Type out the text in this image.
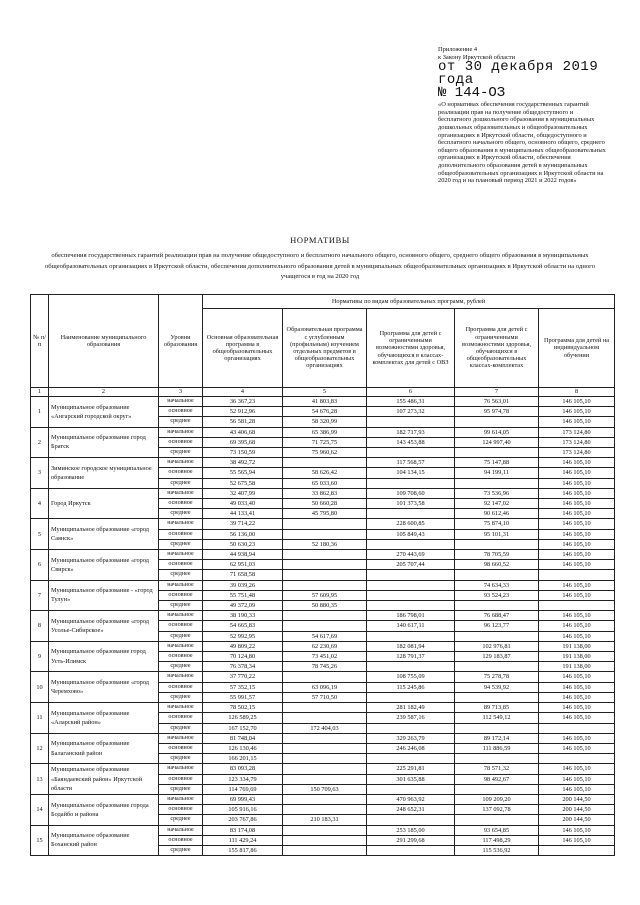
Приложение 4
к Закону Иркутской области
от 30 декабря 2019 года
№ 144-ОЗ
«О нормативах обеспечения государственных гарантий реализации прав на получение общедоступного и бесплатного дошкольного образования в муниципальных дошкольных образовательных и общеобразовательных организациях в Иркутской области, общедоступного и бесплатного начального общего, основного общего, среднего общего образования в муниципальных общеобразовательных организациях в Иркутской области, обеспечения дополнительного образования детей в муниципальных общеобразовательных организациях в Иркутской области на 2020 год и на плановый период 2021 и 2022 годов»
НОРМАТИВЫ
обеспечения государственных гарантий реализации прав на получение общедоступного и бесплатного начального общего, основного общего, среднего общего образования в муниципальных общеобразовательных организациях в Иркутской области, обеспечения дополнительного образования детей в муниципальных общеобразовательных организациях в Иркутской области на одного учащегося в год на 2020 год
№ п/п	Наименование муниципального образования	Уровни образования	Нормативы по видам образовательных программ, рублей				
			Основная образовательная программа в общеобразовательных организациях	Образовательная программа с углубленным (профильным) изучением отдельных предметов в общеобразовательных организациях	Программа для детей с ограниченными возможностями здоровья, обучающихся в классах-комплектах для детей с ОВЗ	Программа для детей с ограниченными возможностями здоровья, обучающихся в общеобразовательных классах-комплектах	Программа для детей на индивидуальном обучении
1	2	3	4	5	6	7	8
1	Муниципальное образование «Ангарский городской округ»	начальное	36 367,23	41 803,83	155 486,31	76 563,01	146 105,10
		основное	52 912,96	54 676,28	107 273,32	95 974,78	146 105,10
		среднее	56 581,28	58 320,99			146 105,10
2	Муниципальное образование город Братск	начальное	43 406,68	65 386,99	182 717,93	99 614,05	173 124,80
		основное	69 395,68	71 725,75	143 453,88	124 997,40	173 124,80
		среднее	73 150,59	75 960,62			173 124,80
3	Зиминское городское муниципальное образование	начальное	38 492,72		117 568,57	75 147,88	146 105,10
		основное	55 565,94	58 626,42	104 134,15	94 199,11	146 105,10
		среднее	52 675,58	65 033,60			146 105,10
4	Город Иркутск	начальное	32 407,99	33 862,83	109 708,60	73 536,96	146 105,10
		основное	49 033,40	50 660,28	101 373,58	92 147,02	146 105,10
		среднее	44 133,41	45 795,80		90 612,46	146 105,10
5	Муниципальное образование «город Саянск»	начальное	39 714,22		228 600,85	75 874,10	146 105,10
		основное	56 136,00		105 849,43	95 101,31	146 105,10
		среднее	50 630,23	52 180,36			146 105,10
6	Муниципальное образование «город Свирск»	начальное	44 938,94		270 443,69	78 705,59	146 105,10
		основное	62 951,03		205 707,44	98 660,52	146 105,10
		среднее	71 658,58				
7	Муниципальное образование - «город Тулун»	начальное	39 039,26			74 634,33	146 105,10
		основное	55 751,48	57 609,95		93 524,23	146 105,10
		среднее	49 372,09	50 880,35			
8	Муниципальное образование «город Усолье-Сибирское»	начальное	38 190,33		186 798,01	76 688,47	146 105,10
		основное	54 665,83		140 617,11	96 123,77	146 105,10
		среднее	52 992,95	54 617,69			146 105,10
9	Муниципальное образование город Усть-Илимск	начальное	49 809,22	62 230,69	182 081,94	102 976,81	191 138,00
		основное	70 124,80	73 451,02	128 791,37	129 183,87	191 138,00
		среднее	76 378,34	78 745,26			191 138,00
10	Муниципальное образование «город Черемхово»	начальное	37 770,22		108 755,09	75 278,78	146 105,10
		основное	57 352,15	63 096,19	115 245,86	94 539,92	146 105,10
		среднее	55 991,57	57 710,50			146 105,10
11	Муниципальное образование «Аларский район»	начальное	78 502,15		281 182,49	89 713,85	146 105,10
		основное	126 589,25		239 587,16	112 549,12	146 105,10
		среднее	167 152,70	172 404,03			
12	Муниципальное образование Балаганский район	начальное	81 748,04		329 263,79	89 172,14	146 105,10
		основное	126 130,46		246 246,08	111 886,59	146 105,10
		среднее	166 201,15				
13	Муниципальное образование «Баяндаевский район» Иркутской области	начальное	83 093,28		225 291,81	78 571,32	146 105,10
		основное	123 334,79		301 635,88	98 492,67	146 105,10
		среднее	114 769,69	150 709,63			146 105,10
14	Муниципальное образование города Бодайбо и района	начальное	69 999,43		470 963,92	109 209,20	200 144,50
		основное	105 916,16		248 652,31	137 092,78	200 144,50
		среднее	203 767,86	210 183,31			200 144,50
15	Муниципальное образование Боханский район	начальное	83 174,08		253 185,00	93 654,85	146 105,10
		основное	111 429,24		291 299,68	117 498,29	146 105,10
		среднее	155 817,86			115 536,92	
